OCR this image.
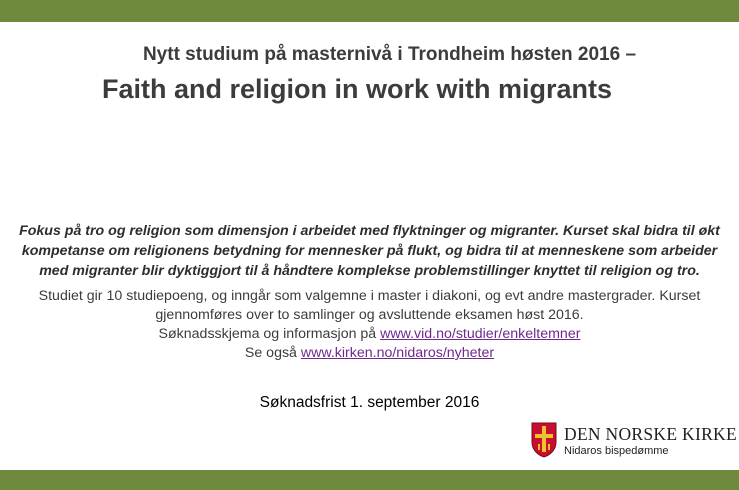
Nytt studium på masternivå i Trondheim høsten 2016 –
Faith and religion in work with migrants
Fokus på tro og religion som dimensjon i arbeidet med flyktninger og migranter. Kurset skal bidra til økt
kompetanse om religionens betydning for mennesker på flukt, og bidra til at menneskene som arbeider
med migranter blir dyktiggjort til å håndtere komplekse problemstillinger knyttet til religion og tro.
Studiet gir 10 studiepoeng, og inngår som valgemne i master i diakoni, og evt andre mastergrader. Kurset
gjennomføres over to samlinger og avsluttende eksamen høst 2016.
Søknadsskjema og informasjon på www.vid.no/studier/enkeltemner
Se også www.kirken.no/nidaros/nyheter
Søknadsfrist 1. september 2016
DEN NORSKE KIRKE
Nidaros bispedømme
